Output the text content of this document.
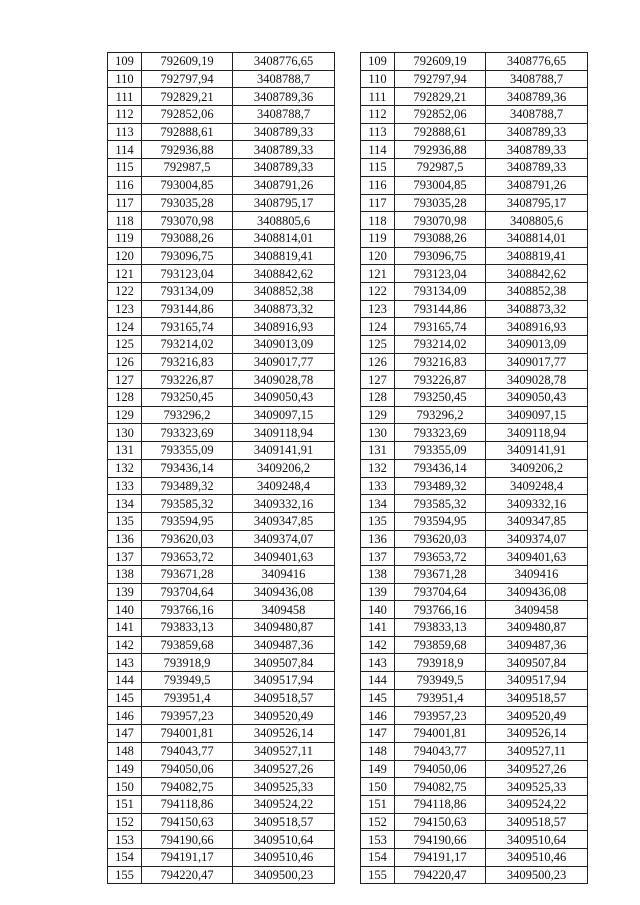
109	792609,19	3408776,65
110	792797,94	3408788,7
111	792829,21	3408789,36
112	792852,06	3408788,7
113	792888,61	3408789,33
114	792936,88	3408789,33
115	792987,5	3408789,33
116	793004,85	3408791,26
117	793035,28	3408795,17
118	793070,98	3408805,6
119	793088,26	3408814,01
120	793096,75	3408819,41
121	793123,04	3408842,62
122	793134,09	3408852,38
123	793144,86	3408873,32
124	793165,74	3408916,93
125	793214,02	3409013,09
126	793216,83	3409017,77
127	793226,87	3409028,78
128	793250,45	3409050,43
129	793296,2	3409097,15
130	793323,69	3409118,94
131	793355,09	3409141,91
132	793436,14	3409206,2
133	793489,32	3409248,4
134	793585,32	3409332,16
135	793594,95	3409347,85
136	793620,03	3409374,07
137	793653,72	3409401,63
138	793671,28	3409416
139	793704,64	3409436,08
140	793766,16	3409458
141	793833,13	3409480,87
142	793859,68	3409487,36
143	793918,9	3409507,84
144	793949,5	3409517,94
145	793951,4	3409518,57
146	793957,23	3409520,49
147	794001,81	3409526,14
148	794043,77	3409527,11
149	794050,06	3409527,26
150	794082,75	3409525,33
151	794118,86	3409524,22
152	794150,63	3409518,57
153	794190,66	3409510,64
154	794191,17	3409510,46
155	794220,47	3409500,23
109	792609,19	3408776,65
110	792797,94	3408788,7
111	792829,21	3408789,36
112	792852,06	3408788,7
113	792888,61	3408789,33
114	792936,88	3408789,33
115	792987,5	3408789,33
116	793004,85	3408791,26
117	793035,28	3408795,17
118	793070,98	3408805,6
119	793088,26	3408814,01
120	793096,75	3408819,41
121	793123,04	3408842,62
122	793134,09	3408852,38
123	793144,86	3408873,32
124	793165,74	3408916,93
125	793214,02	3409013,09
126	793216,83	3409017,77
127	793226,87	3409028,78
128	793250,45	3409050,43
129	793296,2	3409097,15
130	793323,69	3409118,94
131	793355,09	3409141,91
132	793436,14	3409206,2
133	793489,32	3409248,4
134	793585,32	3409332,16
135	793594,95	3409347,85
136	793620,03	3409374,07
137	793653,72	3409401,63
138	793671,28	3409416
139	793704,64	3409436,08
140	793766,16	3409458
141	793833,13	3409480,87
142	793859,68	3409487,36
143	793918,9	3409507,84
144	793949,5	3409517,94
145	793951,4	3409518,57
146	793957,23	3409520,49
147	794001,81	3409526,14
148	794043,77	3409527,11
149	794050,06	3409527,26
150	794082,75	3409525,33
151	794118,86	3409524,22
152	794150,63	3409518,57
153	794190,66	3409510,64
154	794191,17	3409510,46
155	794220,47	3409500,23
